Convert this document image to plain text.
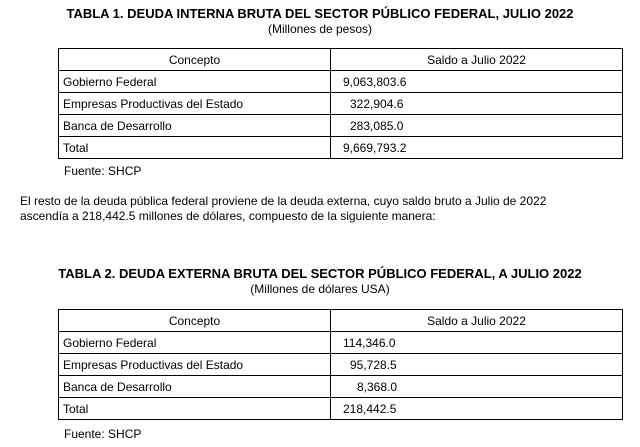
TABLA 1. DEUDA INTERNA BRUTA DEL SECTOR PÚBLICO FEDERAL, JULIO 2022
(Millones de pesos)
Concepto	Saldo a Julio 2022
Gobierno Federal	9,063,803.6
Empresas Productivas del Estado	322,904.6
Banca de Desarrollo	283,085.0
Total	9,669,793.2
Fuente: SHCP
El resto de la deuda pública federal proviene de la deuda externa, cuyo saldo bruto a Julio de 2022
ascendía a 218,442.5 millones de dólares, compuesto de la siguiente manera:
TABLA 2. DEUDA EXTERNA BRUTA DEL SECTOR PÚBLICO FEDERAL, A JULIO 2022
(Millones de dólares USA)
Concepto	Saldo a Julio 2022
Gobierno Federal	114,346.0
Empresas Productivas del Estado	95,728.5
Banca de Desarrollo	8,368.0
Total	218,442.5
Fuente: SHCP
